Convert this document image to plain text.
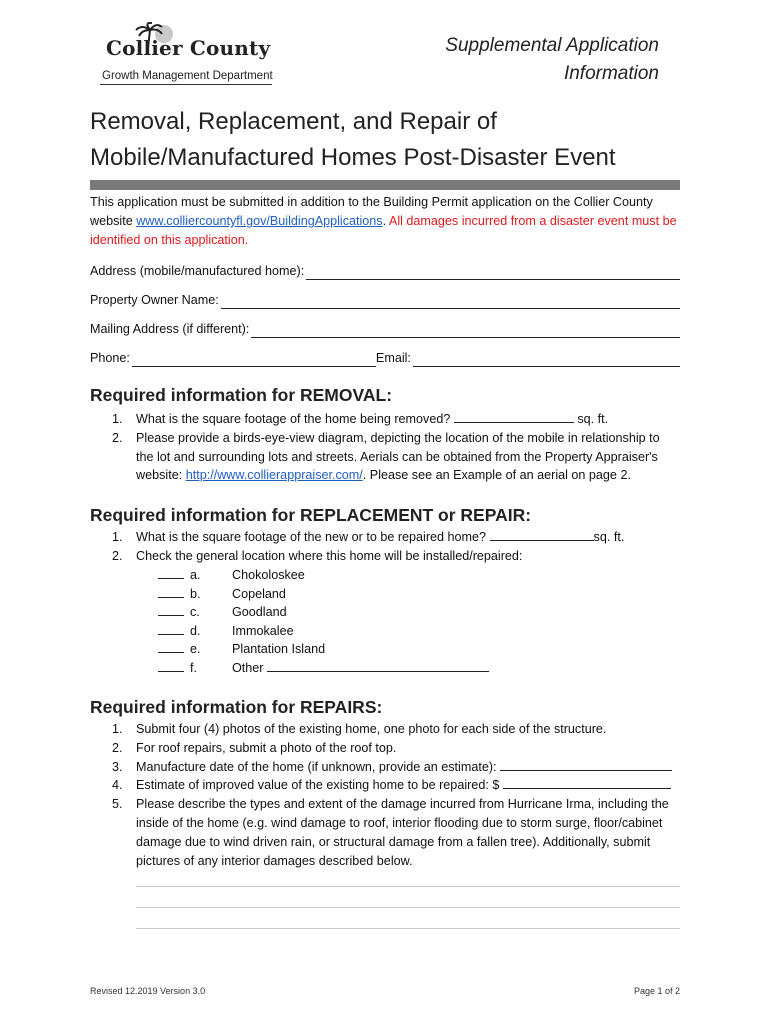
Collier County
Growth Management Department
Supplemental Application
Information
Removal, Replacement, and Repair of
Mobile/Manufactured Homes Post-Disaster Event
This application must be submitted in addition to the Building Permit application on the Collier County website www.colliercountyfl.gov/BuildingApplications. All damages incurred from a disaster event must be identified on this application.
Address (mobile/manufactured home):
Property Owner Name:
Mailing Address (if different):
Phone:	Email:
Required information for REMOVAL:
1. What is the square footage of the home being removed?	sq. ft.
2. Please provide a birds-eye-view diagram, depicting the location of the mobile in relationship to the lot and surrounding lots and streets. Aerials can be obtained from the Property Appraiser's website: http://www.collierappraiser.com/. Please see an Example of an aerial on page 2.
Required information for REPLACEMENT or REPAIR:
1. What is the square footage of the new or to be repaired home?	sq. ft.
2. Check the general location where this home will be installed/repaired:
a. Chokoloskee
b. Copeland
c.	Goodland
d. Immokalee
e. Plantation Island
f.	Other
Required information for REPAIRS:
1. Submit four (4) photos of the existing home, one photo for each side of the structure.
2. For roof repairs, submit a photo of the roof top.
3. Manufacture date of the home (if unknown, provide an estimate):
4. Estimate of improved value of the existing home to be repaired: $
5. Please describe the types and extent of the damage incurred from Hurricane Irma, including the inside of the home (e.g. wind damage to roof, interior flooding due to storm surge, floor/cabinet damage due to wind driven rain, or structural damage from a fallen tree). Additionally, submit pictures of any interior damages described below.
Revised 12.2019 Version 3.0	Page 1 of 2
